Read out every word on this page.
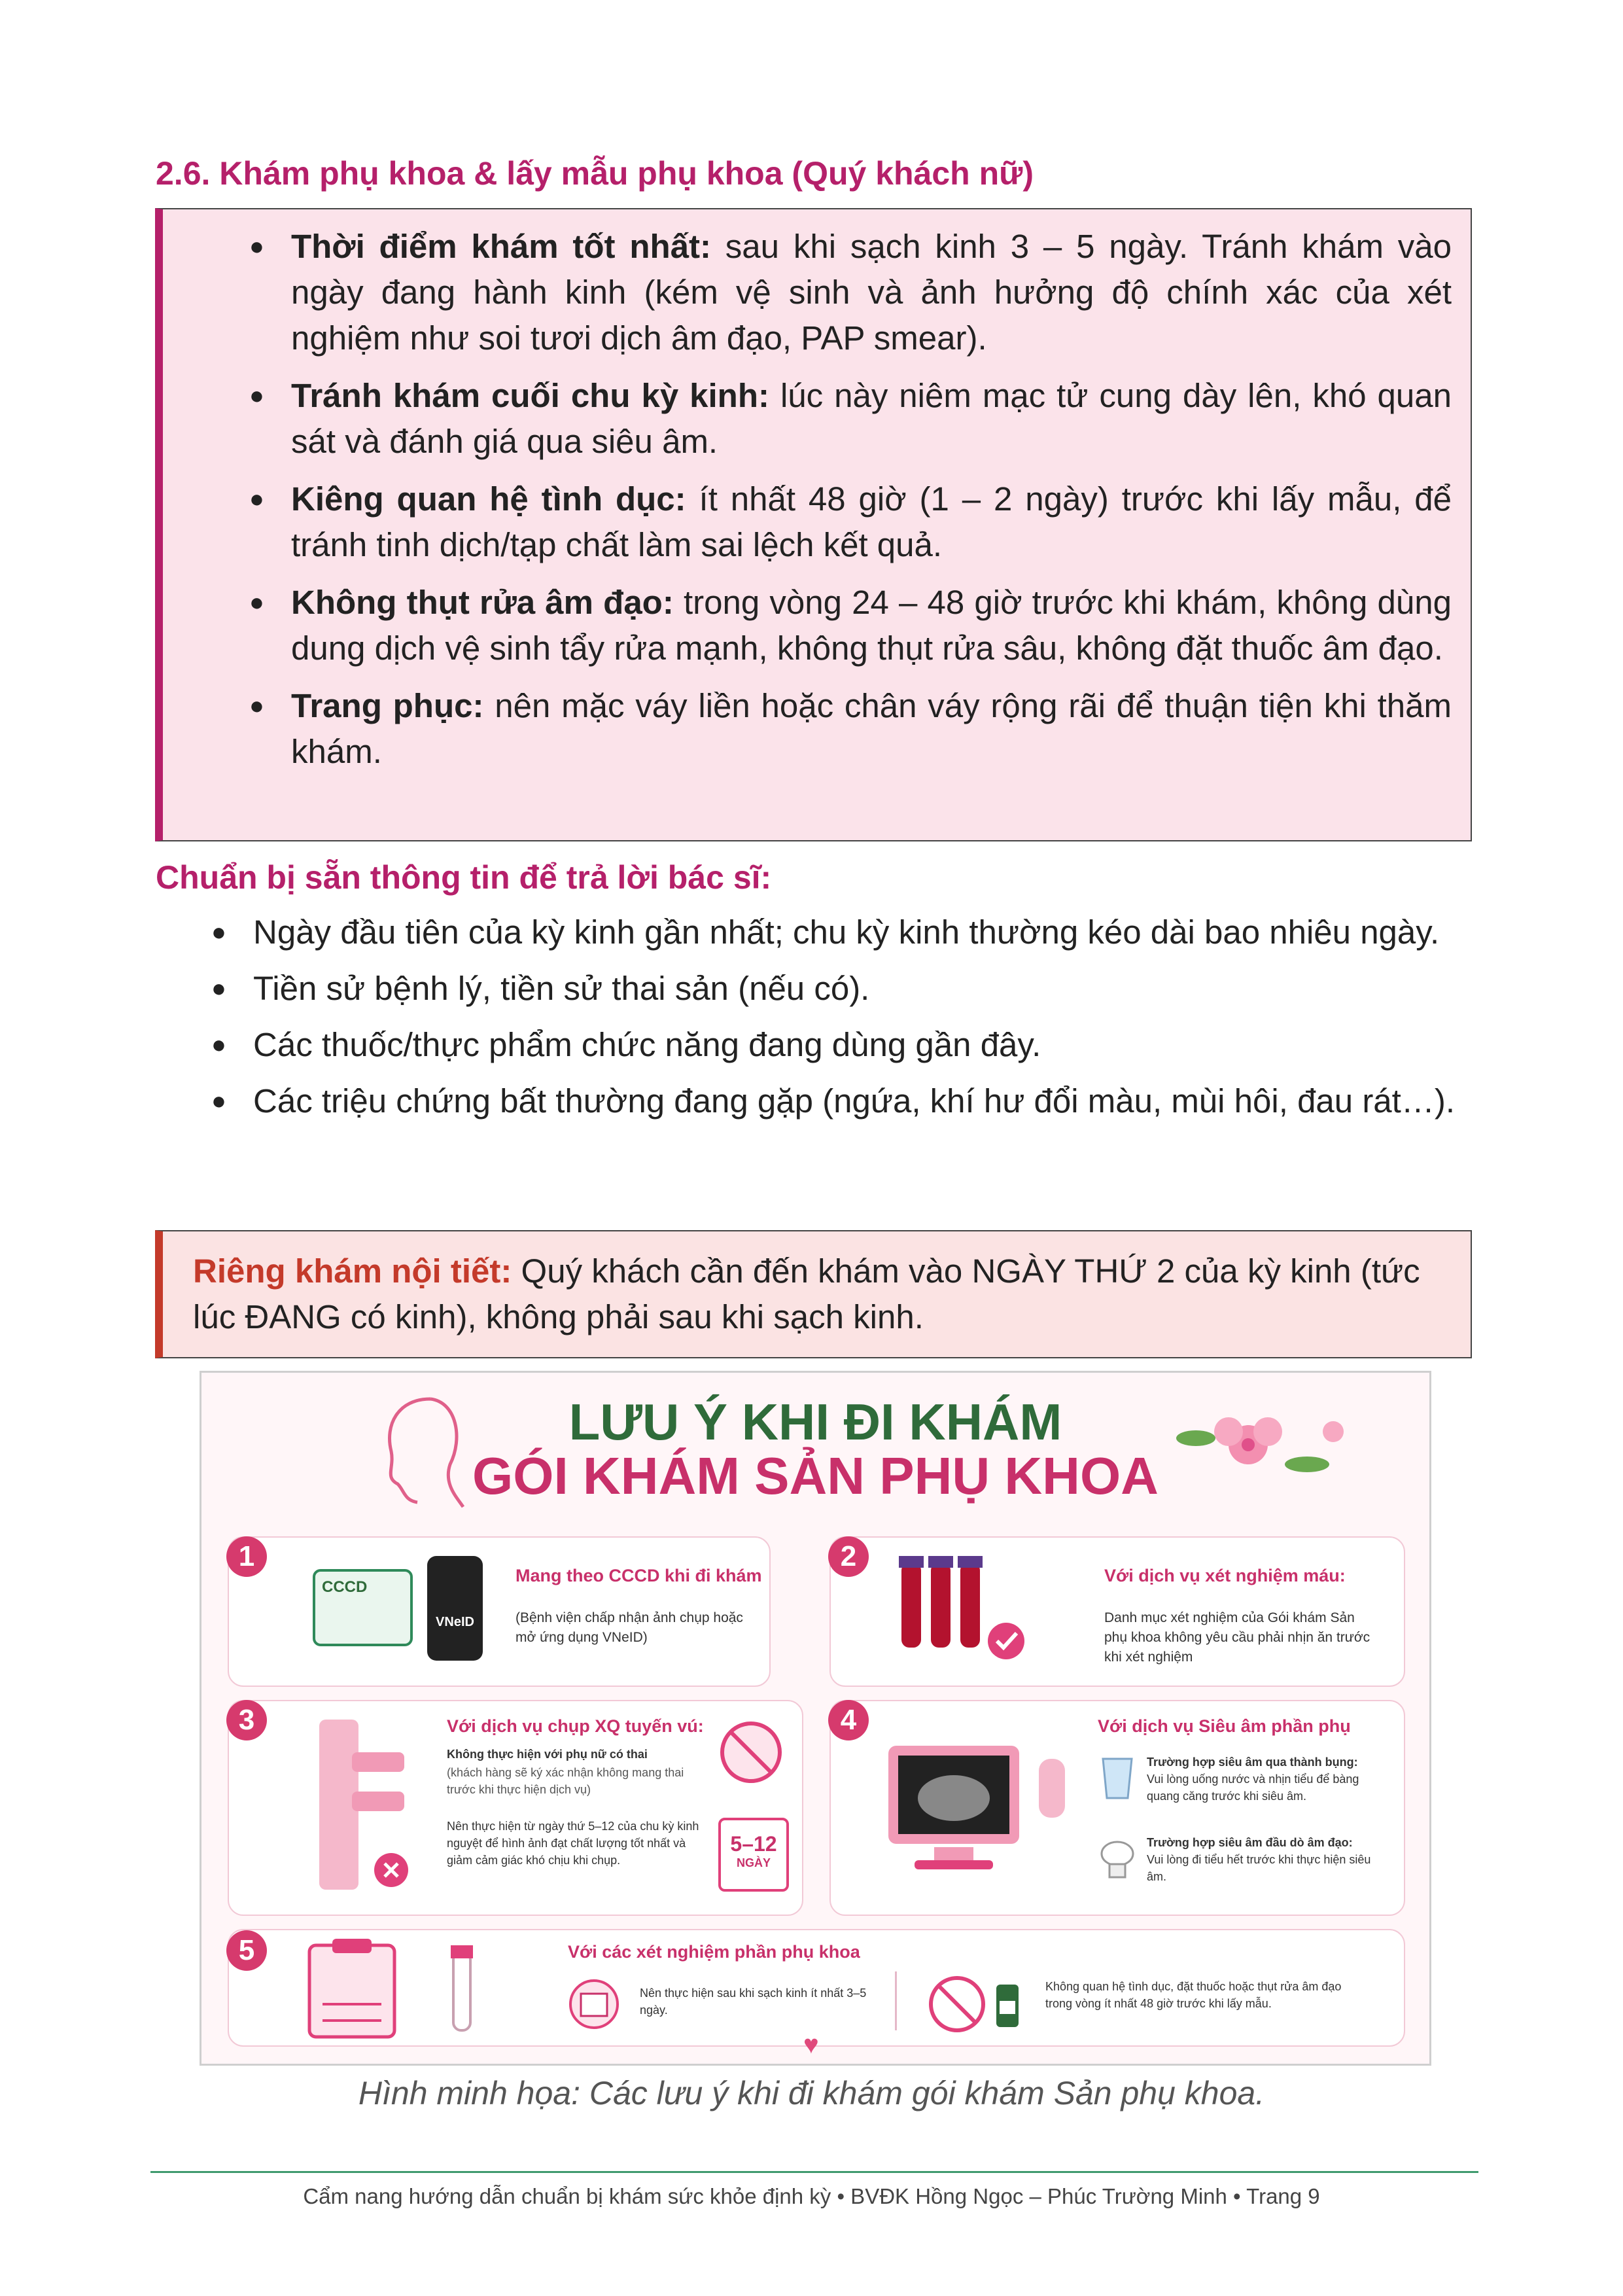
2.6. Khám phụ khoa & lấy mẫu phụ khoa (Quý khách nữ)
● Thời điểm khám tốt nhất: sau khi sạch kinh 3 – 5 ngày. Tránh khám vào ngày đang hành kinh (kém vệ sinh và ảnh hưởng độ chính xác của xét nghiệm như soi tươi dịch âm đạo, PAP smear).
● Tránh khám cuối chu kỳ kinh: lúc này niêm mạc tử cung dày lên, khó quan sát và đánh giá qua siêu âm.
● Kiêng quan hệ tình dục: ít nhất 48 giờ (1 – 2 ngày) trước khi lấy mẫu, để tránh tinh dịch/tạp chất làm sai lệch kết quả.
● Không thụt rửa âm đạo: trong vòng 24 – 48 giờ trước khi khám, không dùng dung dịch vệ sinh tẩy rửa mạnh, không thụt rửa sâu, không đặt thuốc âm đạo.
● Trang phục: nên mặc váy liền hoặc chân váy rộng rãi để thuận tiện khi thăm khám.
Chuẩn bị sẵn thông tin để trả lời bác sĩ:
● Ngày đầu tiên của kỳ kinh gần nhất; chu kỳ kinh thường kéo dài bao nhiêu ngày.
● Tiền sử bệnh lý, tiền sử thai sản (nếu có).
● Các thuốc/thực phẩm chức năng đang dùng gần đây.
● Các triệu chứng bất thường đang gặp (ngứa, khí hư đổi màu, mùi hôi, đau rát…).
Riêng khám nội tiết: Quý khách cần đến khám vào NGÀY THỨ 2 của kỳ kinh (tức lúc ĐANG có kinh), không phải sau khi sạch kinh.
LƯU Ý KHI ĐI KHÁM
GÓI KHÁM SẢN PHỤ KHOA
1
CCCD
VNeID
Mang theo CCCD khi đi khám
(Bệnh viện chấp nhận ảnh chụp hoặc mở ứng dụng VNeID)
2
Với dịch vụ xét nghiệm máu:
Danh mục xét nghiệm của Gói khám Sản phụ khoa không yêu cầu phải nhịn ăn trước khi xét nghiệm
3	Với dịch vụ chụp XQ tuyến vú:
Không thực hiện với phụ nữ có thai
(khách hàng sẽ ký xác nhận không mang thai trước khi thực hiện dịch vụ)
Nên thực hiện từ ngày thứ 5–12 của chu kỳ kinh nguyệt để hình ảnh đạt chất lượng tốt nhất và giảm cảm giác khó chịu khi chụp.
5–12
NGÀY
4	Với dịch vụ Siêu âm phần phụ
Trường hợp siêu âm qua thành bụng:
Vui lòng uống nước và nhịn tiểu để bàng quang căng trước khi siêu âm.
Trường hợp siêu âm đầu dò âm đạo:
Vui lòng đi tiểu hết trước khi thực hiện siêu âm.
5	Với các xét nghiệm phần phụ khoa
Nên thực hiện sau khi sạch kinh ít nhất 3–5 ngày.
Không quan hệ tình dục, đặt thuốc hoặc thụt rửa âm đạo trong vòng ít nhất 48 giờ trước khi lấy mẫu.
♥
Hình minh họa: Các lưu ý khi đi khám gói khám Sản phụ khoa.
Cẩm nang hướng dẫn chuẩn bị khám sức khỏe định kỳ • BVĐK Hồng Ngọc – Phúc Trường Minh • Trang 9
